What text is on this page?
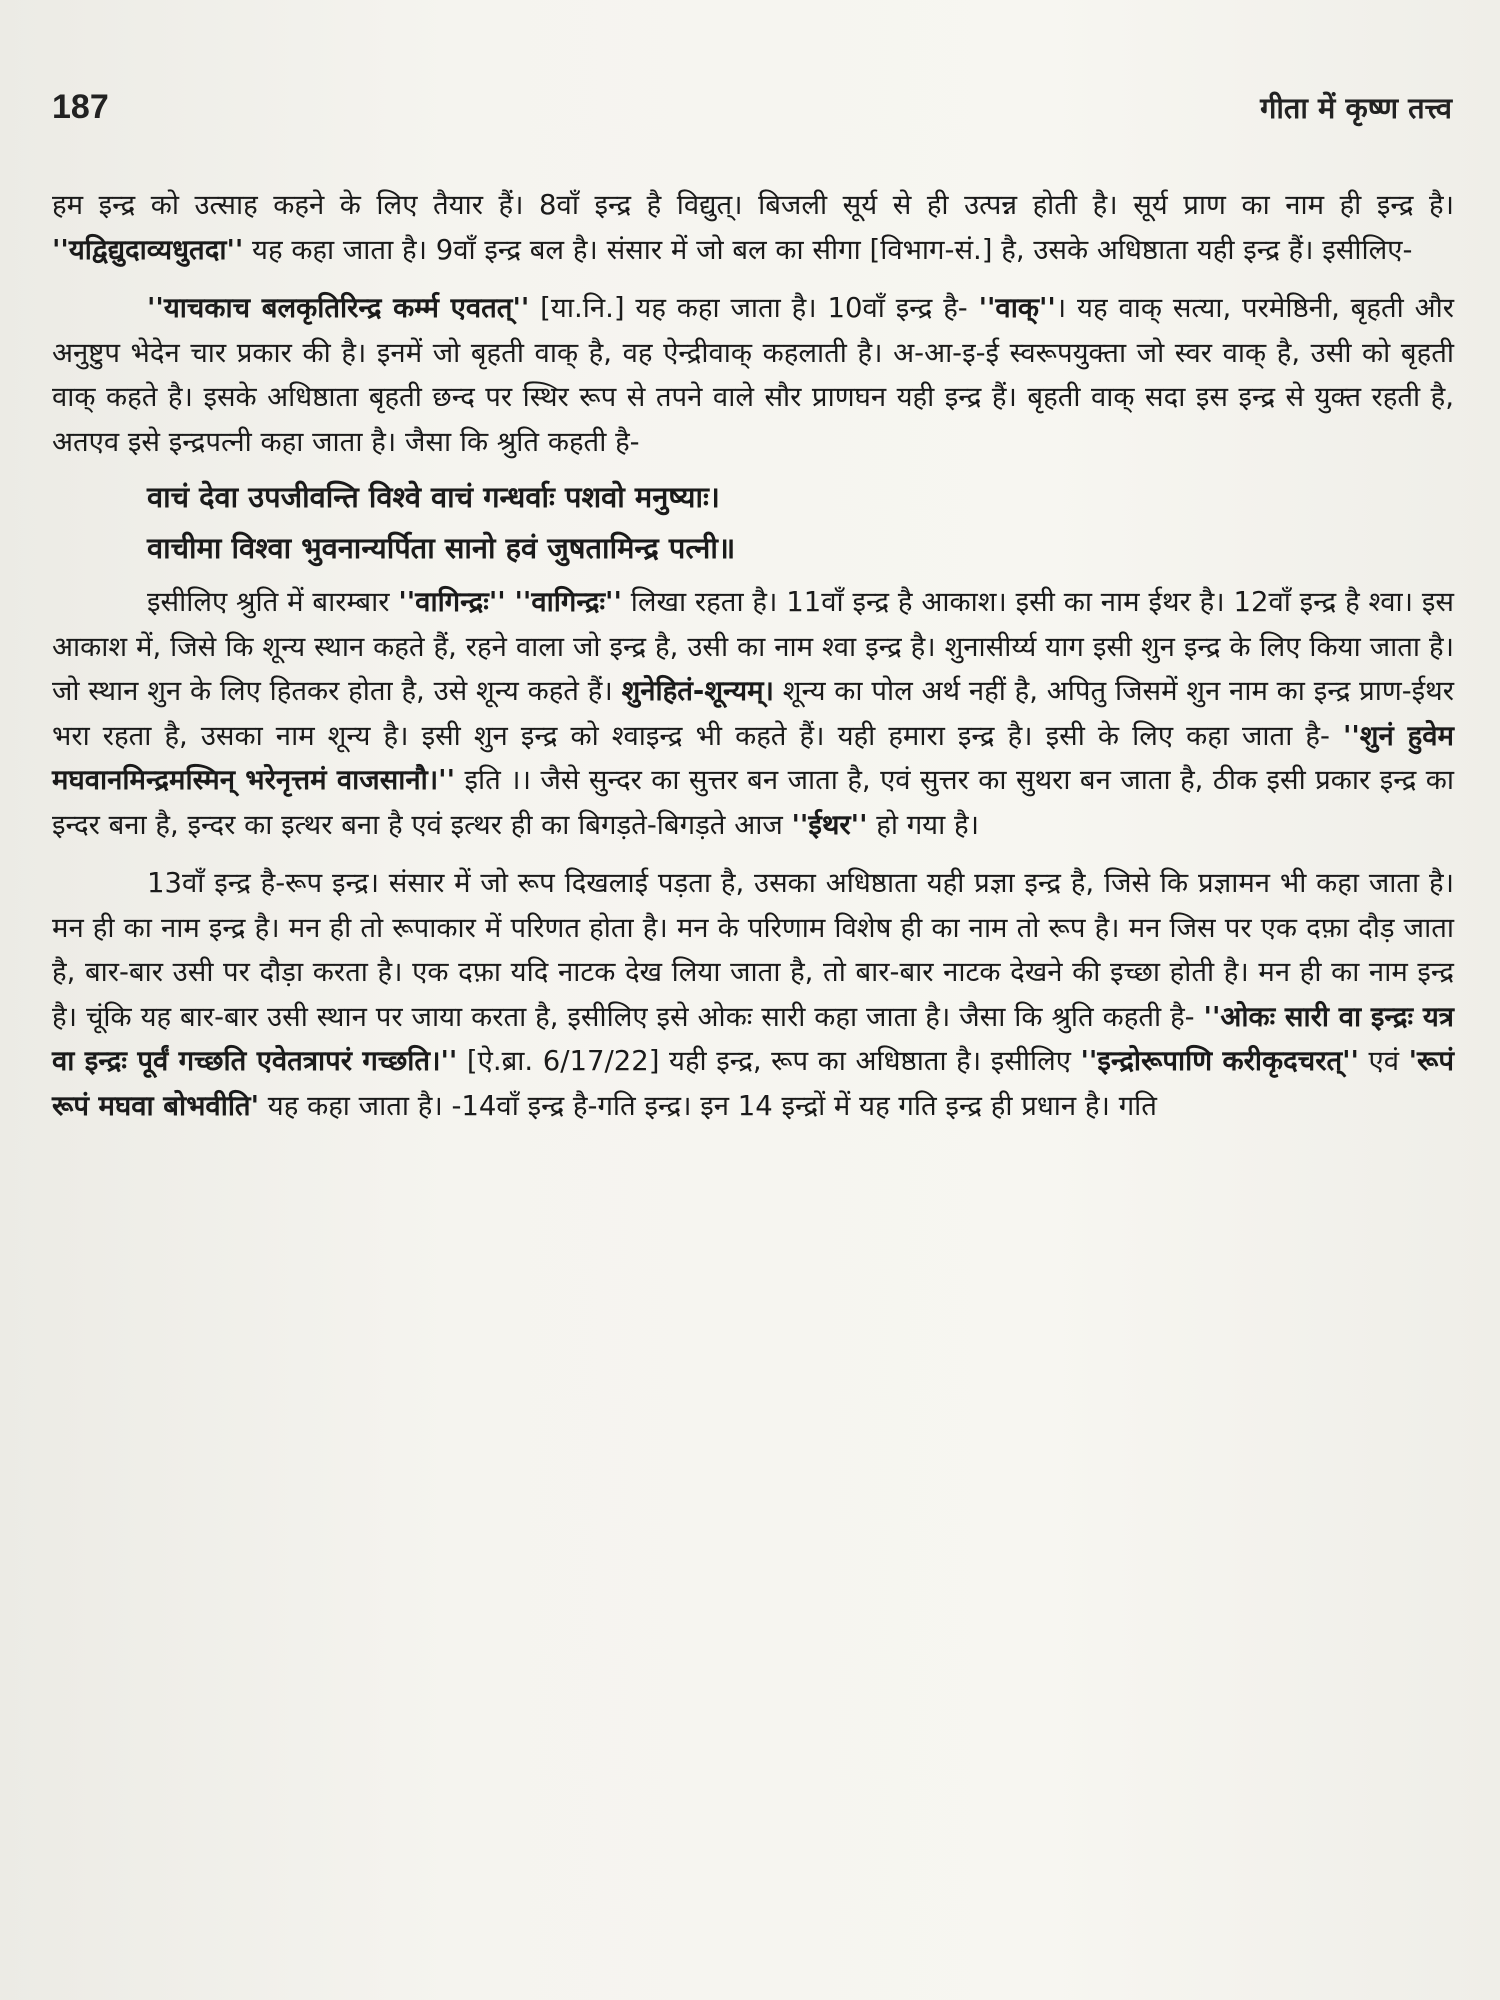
187	गीता में कृष्ण तत्त्व

हम इन्द्र को उत्साह कहने के लिए तैयार हैं। 8वाँ इन्द्र है विद्युत्। बिजली सूर्य से ही उत्पन्न होती है। सूर्य प्राण का नाम ही इन्द्र है। ''यद्विद्युदाव्यधुतदा'' यह कहा जाता है। 9वाँ इन्द्र बल है। संसार में जो बल का सीगा [विभाग-सं.] है, उसके अधिष्ठाता यही इन्द्र हैं। इसीलिए-

''याचकाच बलकृतिरिन्द्र कर्म्म एवतत्'' [या.नि.] यह कहा जाता है। 10वाँ इन्द्र है- ''वाक्''। यह वाक् सत्या, परमेष्ठिनी, बृहती और अनुष्टुप भेदेन चार प्रकार की है। इनमें जो बृहती वाक् है, वह ऐन्द्रीवाक् कहलाती है। अ-आ-इ-ई स्वरूपयुक्ता जो स्वर वाक् है, उसी को बृहती वाक् कहते है। इसके अधिष्ठाता बृहती छन्द पर स्थिर रूप से तपने वाले सौर प्राणघन यही इन्द्र हैं। बृहती वाक् सदा इस इन्द्र से युक्त रहती है, अतएव इसे इन्द्रपत्नी कहा जाता है। जैसा कि श्रुति कहती है-

वाचं देवा उपजीवन्ति विश्वे वाचं गन्धर्वाः पशवो मनुष्याः।
वाचीमा विश्वा भुवनान्यर्पिता सानो हवं जुषतामिन्द्र पत्नी॥

इसीलिए श्रुति में बारम्बार ''वागिन्द्रः'' ''वागिन्द्रः'' लिखा रहता है। 11वाँ इन्द्र है आकाश। इसी का नाम ईथर है। 12वाँ इन्द्र है श्वा। इस आकाश में, जिसे कि शून्य स्थान कहते हैं, रहने वाला जो इन्द्र है, उसी का नाम श्वा इन्द्र है। शुनासीर्य्य याग इसी शुन इन्द्र के लिए किया जाता है। जो स्थान शुन के लिए हितकर होता है, उसे शून्य कहते हैं। शुनेहितं-शून्यम्। शून्य का पोल अर्थ नहीं है, अपितु जिसमें शुन नाम का इन्द्र प्राण-ईथर भरा रहता है, उसका नाम शून्य है। इसी शुन इन्द्र को श्वाइन्द्र भी कहते हैं। यही हमारा इन्द्र है। इसी के लिए कहा जाता है- ''शुनं हुवेम मघवानमिन्द्रमस्मिन् भरेनृत्तमं वाजसानौ।'' इति ।। जैसे सुन्दर का सुत्तर बन जाता है, एवं सुत्तर का सुथरा बन जाता है, ठीक इसी प्रकार इन्द्र का इन्दर बना है, इन्दर का इत्थर बना है एवं इत्थर ही का बिगड़ते-बिगड़ते आज ''ईथर'' हो गया है।

13वाँ इन्द्र है-रूप इन्द्र। संसार में जो रूप दिखलाई पड़ता है, उसका अधिष्ठाता यही प्रज्ञा इन्द्र है, जिसे कि प्रज्ञामन भी कहा जाता है। मन ही का नाम इन्द्र है। मन ही तो रूपाकार में परिणत होता है। मन के परिणाम विशेष ही का नाम तो रूप है। मन जिस पर एक दफ़ा दौड़ जाता है, बार-बार उसी पर दौड़ा करता है। एक दफ़ा यदि नाटक देख लिया जाता है, तो बार-बार नाटक देखने की इच्छा होती है। मन ही का नाम इन्द्र है। चूंकि यह बार-बार उसी स्थान पर जाया करता है, इसीलिए इसे ओकः सारी कहा जाता है। जैसा कि श्रुति कहती है- ''ओकः सारी वा इन्द्रः यत्र वा इन्द्रः पूर्वं गच्छति एवेतत्रापरं गच्छति।'' [ऐ.ब्रा. 6/17/22] यही इन्द्र, रूप का अधिष्ठाता है। इसीलिए ''इन्द्रोरूपाणि करीकृदचरत्'' एवं 'रूपं रूपं मघवा बोभवीति' यह कहा जाता है। -14वाँ इन्द्र है-गति इन्द्र। इन 14 इन्द्रों में यह गति इन्द्र ही प्रधान है। गति
